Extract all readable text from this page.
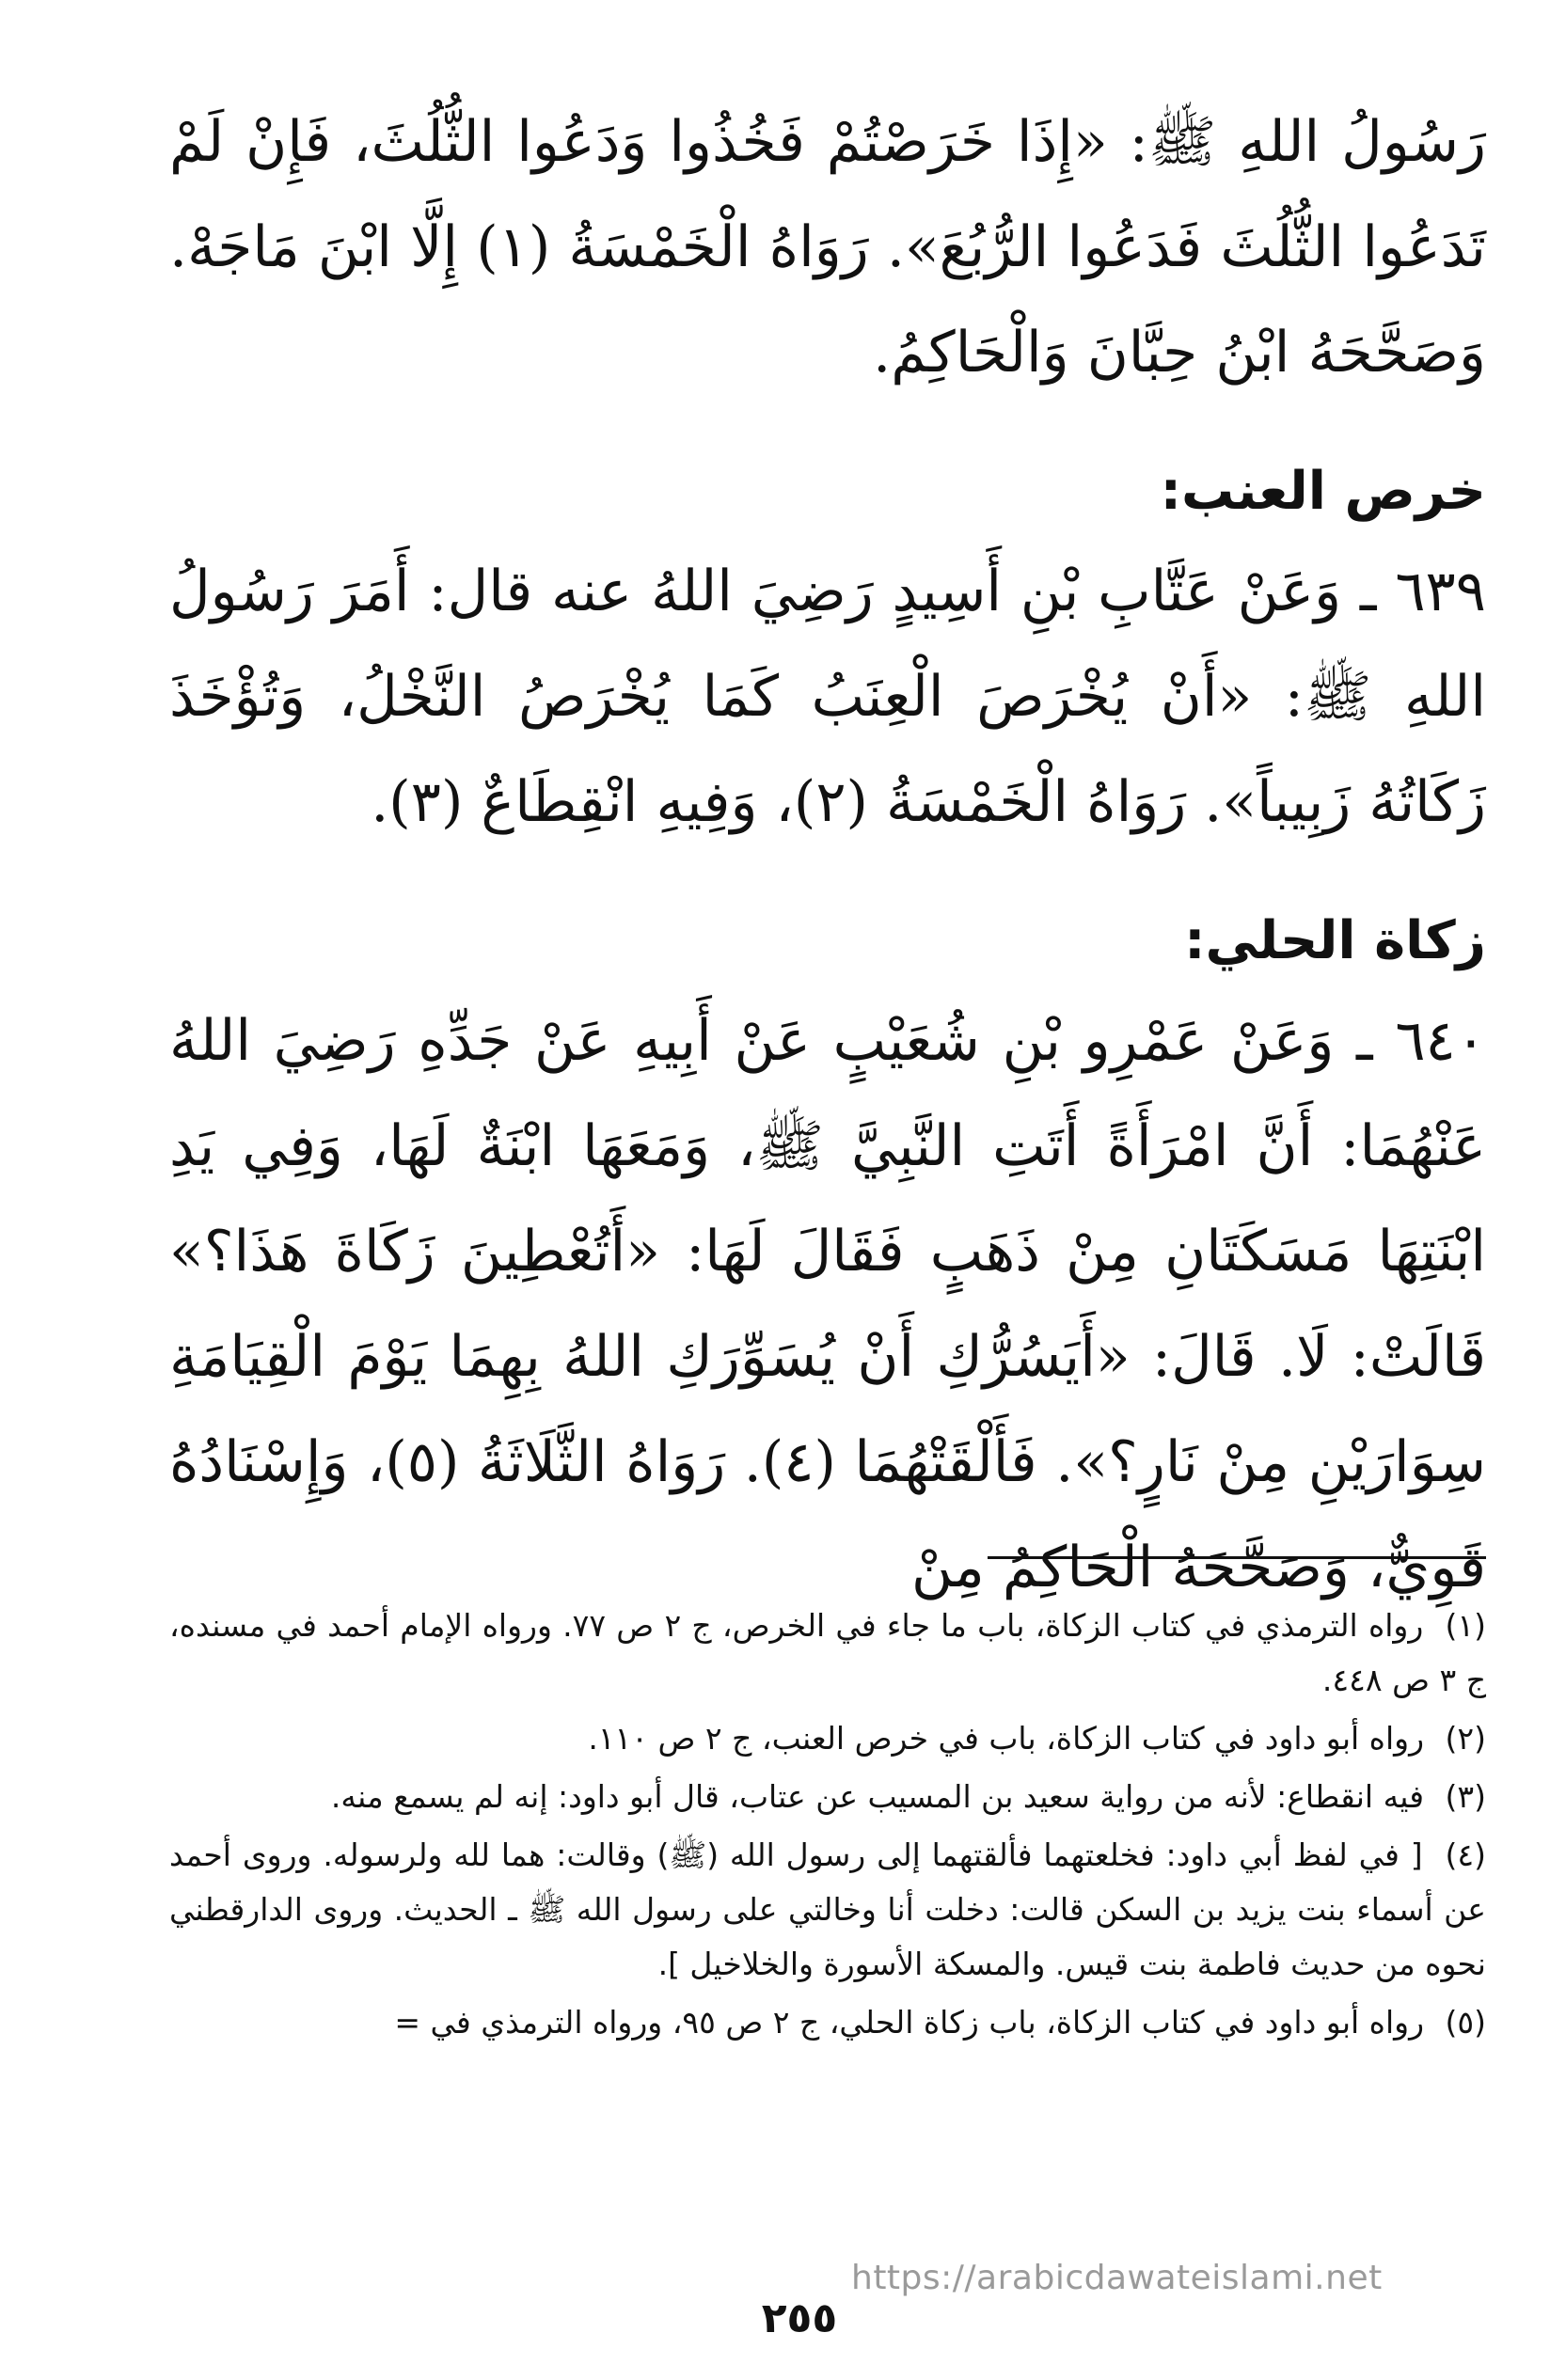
رَسُولُ اللهِ ﷺ: «إِذَا خَرَصْتُمْ فَخُذُوا وَدَعُوا الثُّلُثَ، فَإِنْ لَمْ تَدَعُوا الثُّلُثَ فَدَعُوا الرُّبُعَ». رَوَاهُ الْخَمْسَةُ (١) إِلَّا ابْنَ مَاجَهْ. وَصَحَّحَهُ ابْنُ حِبَّانَ وَالْحَاكِمُ.

خرص العنب:

٦٣٩ ـ وَعَنْ عَتَّابِ بْنِ أَسِيدٍ رَضِيَ اللهُ عنه قال: أَمَرَ رَسُولُ اللهِ ﷺ: «أَنْ يُخْرَصَ الْعِنَبُ كَمَا يُخْرَصُ النَّخْلُ، وَتُؤْخَذَ زَكَاتُهُ زَبِيباً». رَوَاهُ الْخَمْسَةُ (٢)، وَفِيهِ انْقِطَاعٌ (٣).

زكاة الحلي:

٦٤٠ ـ وَعَنْ عَمْرِو بْنِ شُعَيْبٍ عَنْ أَبِيهِ عَنْ جَدِّهِ رَضِيَ اللهُ عَنْهُمَا: أَنَّ امْرَأَةً أَتَتِ النَّبِيَّ ﷺ، وَمَعَهَا ابْنَةٌ لَهَا، وَفِي يَدِ ابْنَتِهَا مَسَكَتَانِ مِنْ ذَهَبٍ فَقَالَ لَهَا: «أَتُعْطِينَ زَكَاةَ هَذَا؟» قَالَتْ: لَا. قَالَ: «أَيَسُرُّكِ أَنْ يُسَوِّرَكِ اللهُ بِهِمَا يَوْمَ الْقِيَامَةِ سِوَارَيْنِ مِنْ نَارٍ؟». فَأَلْقَتْهُمَا (٤). رَوَاهُ الثَّلَاثَةُ (٥)، وَإِسْنَادُهُ قَوِيٌّ، وَصَحَّحَهُ الْحَاكِمُ مِنْ

(١) رواه الترمذي في كتاب الزكاة، باب ما جاء في الخرص، ج ٢ ص ٧٧. ورواه الإمام أحمد في مسنده، ج ٣ ص ٤٤٨.

(٢) رواه أبو داود في كتاب الزكاة، باب في خرص العنب، ج ٢ ص ١١٠.

(٣) فيه انقطاع: لأنه من رواية سعيد بن المسيب عن عتاب، قال أبو داود: إنه لم يسمع منه.

(٤) [ في لفظ أبي داود: فخلعتهما فألقتهما إلى رسول الله (ﷺ) وقالت: هما لله ولرسوله. وروى أحمد عن أسماء بنت يزيد بن السكن قالت: دخلت أنا وخالتي على رسول الله ﷺ ـ الحديث. وروى الدارقطني نحوه من حديث فاطمة بنت قيس. والمسكة الأسورة والخلاخيل ].

(٥) رواه أبو داود في كتاب الزكاة، باب زكاة الحلي، ج ٢ ص ٩٥، ورواه الترمذي في =

https://arabicdawateislami.net
٢٥٥
